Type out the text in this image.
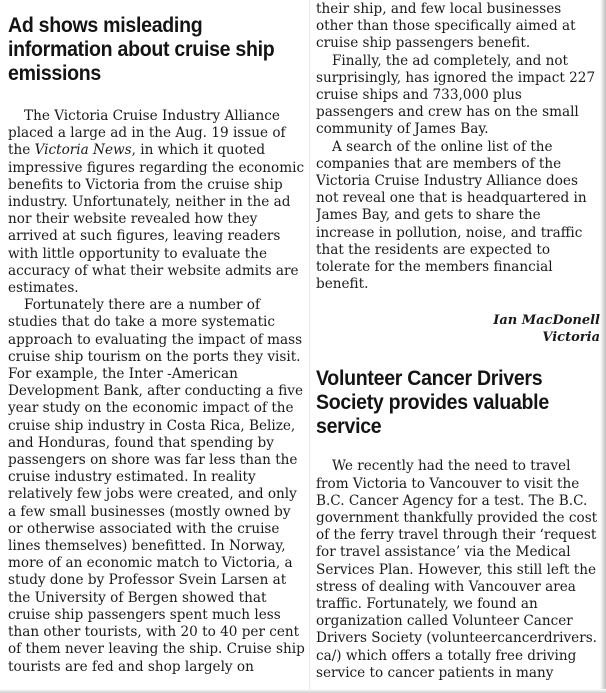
Ad shows misleading
information about cruise ship
emissions

The Victoria Cruise Industry Alliance placed a large ad in the Aug. 19 issue of the Victoria News, in which it quoted impressive figures regarding the economic benefits to Victoria from the cruise ship industry. Unfortunately, neither in the ad nor their website revealed how they arrived at such figures, leaving readers with little opportunity to evaluate the accuracy of what their website admits are estimates.

Fortunately there are a number of studies that do take a more systematic approach to evaluating the impact of mass cruise ship tourism on the ports they visit. For example, the Inter -American Development Bank, after conducting a five year study on the economic impact of the cruise ship industry in Costa Rica, Belize, and Honduras, found that spending by passengers on shore was far less than the cruise industry estimated. In reality relatively few jobs were created, and only a few small businesses (mostly owned by or otherwise associated with the cruise lines themselves) benefitted. In Norway, more of an economic match to Victoria, a study done by Professor Svein Larsen at the University of Bergen showed that cruise ship passengers spent much less than other tourists, with 20 to 40 per cent of them never leaving the ship. Cruise ship tourists are fed and shop largely on

their ship, and few local businesses other than those specifically aimed at cruise ship passengers benefit.

Finally, the ad completely, and not surprisingly, has ignored the impact 227 cruise ships and 733,000 plus passengers and crew has on the small community of James Bay.

A search of the online list of the companies that are members of the Victoria Cruise Industry Alliance does not reveal one that is headquartered in James Bay, and gets to share the increase in pollution, noise, and traffic that the residents are expected to tolerate for the members financial benefit.

Ian MacDonell
Victoria
Volunteer Cancer Drivers
Society provides valuable
service

We recently had the need to travel from Victoria to Vancouver to visit the B.C. Cancer Agency for a test. The B.C. government thankfully provided the cost of the ferry travel through their ‘request for travel assistance’ via the Medical Services Plan. However, this still left the stress of dealing with Vancouver area traffic. Fortunately, we found an organization called Volunteer Cancer Drivers Society (volunteercancerdrivers. ca/) which offers a totally free driving service to cancer patients in many
